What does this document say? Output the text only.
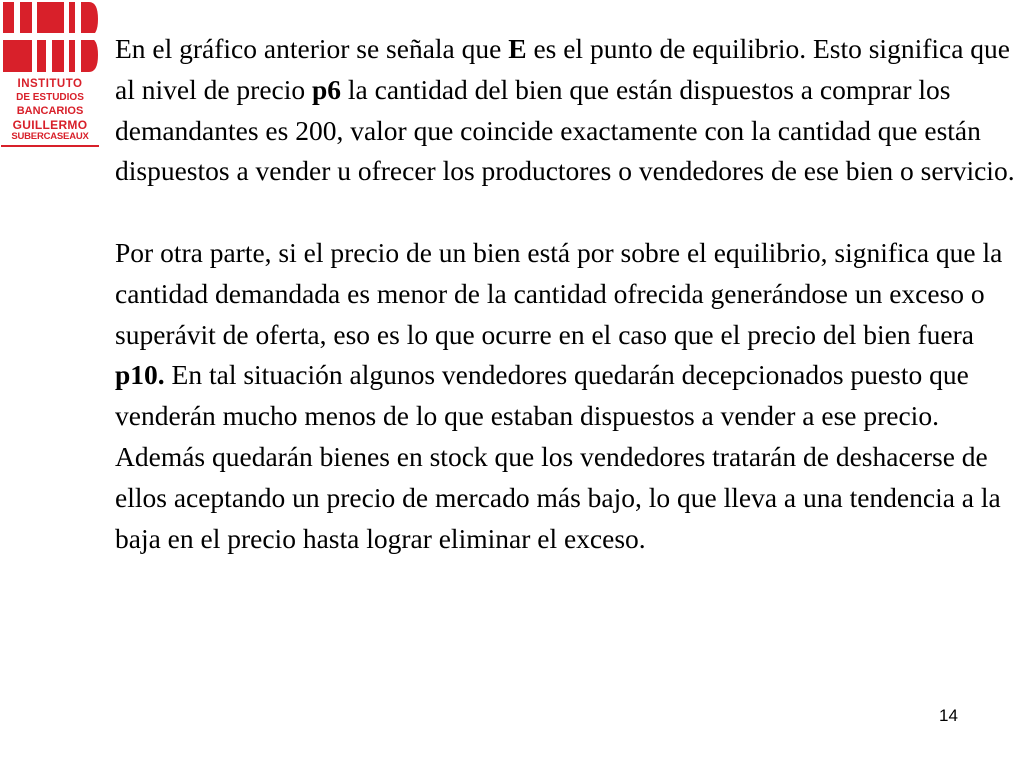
INSTITUTO
DE ESTUDIOS
BANCARIOS
GUILLERMO
SUBERCASEAUX

En el gráfico anterior se señala que E es el punto de equilibrio. Esto significa que al nivel de precio p6 la cantidad del bien que están dispuestos a comprar los demandantes es 200, valor que coincide exactamente con la cantidad que están dispuestos a vender u ofrecer los productores o vendedores de ese bien o servicio.

Por otra parte, si el precio de un bien está por sobre el equilibrio, significa que la cantidad demandada es menor de la cantidad ofrecida generándose un exceso o superávit de oferta, eso es lo que ocurre en el caso que el precio del bien fuera p10. En tal situación algunos vendedores quedarán decepcionados puesto que venderán mucho menos de lo que estaban dispuestos a vender a ese precio. Además quedarán bienes en stock que los vendedores tratarán de deshacerse de ellos aceptando un precio de mercado más bajo, lo que lleva a una tendencia a la baja en el precio hasta lograr eliminar el exceso.

14
